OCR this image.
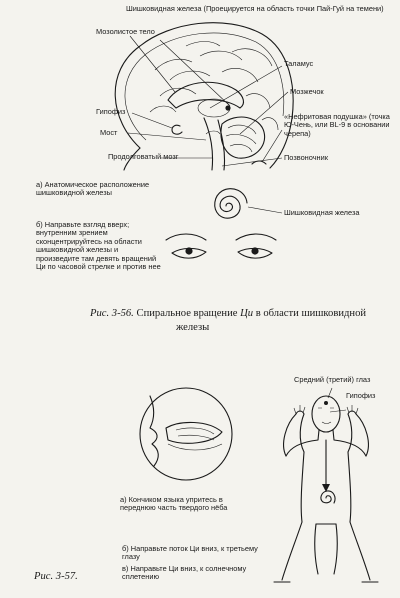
Шишковидная железа (Проецируется на область точки Пай-Гуй на темени)
Мозолистое тело
Таламус
Мозжечок
Гипофиз
«Нефритовая подушка» (точка Ю-Чень, или BL-9 в основании черепа)
Мост
Продолговатый мозг	Позвоночник
а) Анатомическое расположение шишковидной железы
Шишковидная железа
б) Направьте взгляд вверх; внутренним зрением сконцентрируйтесь на области шишковидной железы и произведите там девять вращений Ци по часовой стрелке и против нее
Рис. 3-56. Спиральное вращение Ци в области шишковидной
железы
Средний (третий) глаз
Гипофиз
а) Кончиком языка упритесь в переднюю часть твердого нёба
б) Направьте поток Ци вниз, к третьему глазу
в) Направьте Ци вниз, к солнечному сплетению
Рис. 3-57.
